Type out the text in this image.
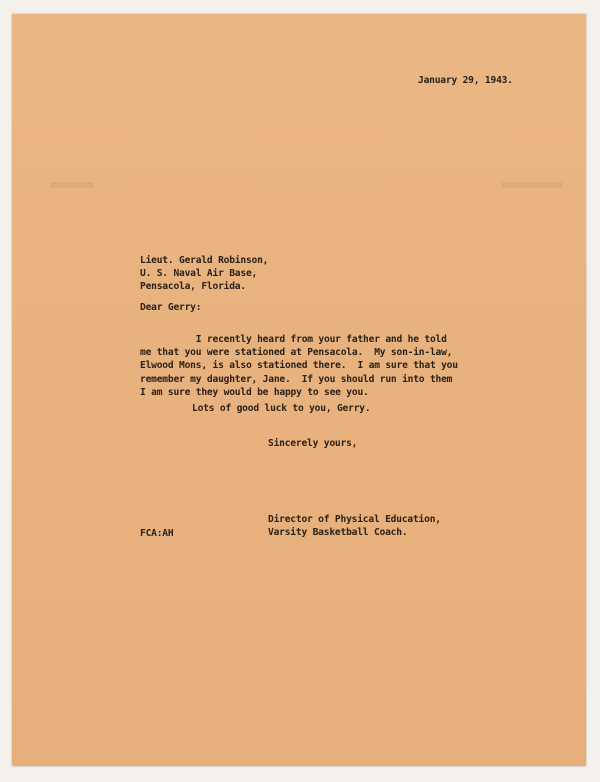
January 29, 1943.
Lieut. Gerald Robinson,
U. S. Naval Air Base,
Pensacola, Florida.
Dear Gerry:
I recently heard from your father and he told
me that you were stationed at Pensacola.  My son-in-law,
Elwood Mons, is also stationed there.  I am sure that you
remember my daughter, Jane.  If you should run into them
I am sure they would be happy to see you.
Lots of good luck to you, Gerry.
Sincerely yours,
Director of Physical Education,
Varsity Basketball Coach.
FCA:AH
